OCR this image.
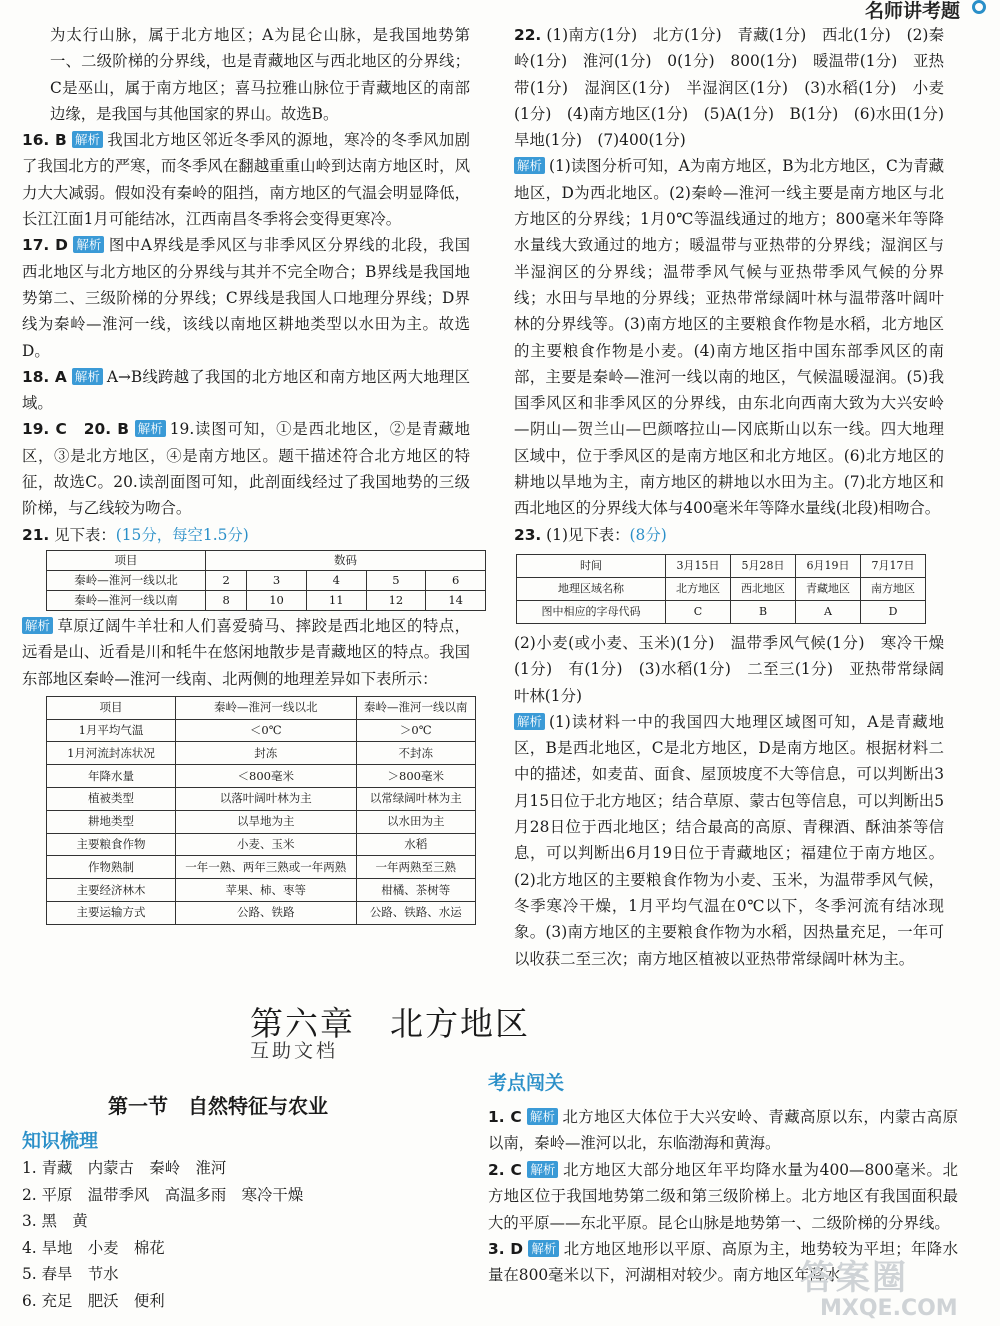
名师讲考题

为太行山脉，属于北方地区；A为昆仑山脉，是我国地势第一、二级阶梯的分界线，也是青藏地区与西北地区的分界线；C是巫山，属于南方地区；喜马拉雅山脉位于青藏地区的南部边缘，是我国与其他国家的界山。故选B。

16. B 解析 我国北方地区邻近冬季风的源地，寒冷的冬季风加剧了我国北方的严寒，而冬季风在翻越重重山岭到达南方地区时，风力大大减弱。假如没有秦岭的阻挡，南方地区的气温会明显降低，长江江面1月可能结冰，江西南昌冬季将会变得更寒冷。

17. D 解析 图中A界线是季风区与非季风区分界线的北段，我国西北地区与北方地区的分界线与其并不完全吻合；B界线是我国地势第二、三级阶梯的分界线；C界线是我国人口地理分界线；D界线为秦岭—淮河一线，该线以南地区耕地类型以水田为主。故选D。

18. A 解析 A→B线跨越了我国的北方地区和南方地区两大地理区域。

19. C　20. B 解析 19.读图可知，①是西北地区，②是青藏地区，③是北方地区，④是南方地区。题干描述符合北方地区的特征，故选C。20.读剖面图可知，此剖面线经过了我国地势的三级阶梯，与乙线较为吻合。

21. 见下表：(15分，每空1.5分)

项目	数码				
秦岭—淮河一线以北	2	3	4	5	6
秦岭—淮河一线以南	8	10	11	12	14

解析 草原辽阔牛羊壮和人们喜爱骑马、摔跤是西北地区的特点，远看是山、近看是川和牦牛在悠闲地散步是青藏地区的特点。我国东部地区秦岭—淮河一线南、北两侧的地理差异如下表所示：

项目	秦岭—淮河一线以北	秦岭—淮河一线以南
1月平均气温	＜0℃	＞0℃
1月河流封冻状况	封冻	不封冻
年降水量	＜800毫米	＞800毫米
植被类型	以落叶阔叶林为主	以常绿阔叶林为主
耕地类型	以旱地为主	以水田为主
主要粮食作物	小麦、玉米	水稻
作物熟制	一年一熟、两年三熟或一年两熟	一年两熟至三熟
主要经济林木	苹果、柿、枣等	柑橘、茶树等
主要运输方式	公路、铁路	公路、铁路、水运

22. (1)南方(1分)　北方(1分)　青藏(1分)　西北(1分)　(2)秦岭(1分)　淮河(1分)　0(1分)　800(1分)　暖温带(1分)　亚热带(1分)　湿润区(1分)　半湿润区(1分)　(3)水稻(1分)　小麦(1分)　(4)南方地区(1分)　(5)A(1分)　B(1分)　(6)水田(1分)　旱地(1分)　(7)400(1分)

解析 (1)读图分析可知，A为南方地区，B为北方地区，C为青藏地区，D为西北地区。(2)秦岭—淮河一线主要是南方地区与北方地区的分界线；1月0℃等温线通过的地方；800毫米年等降水量线大致通过的地方；暖温带与亚热带的分界线；湿润区与半湿润区的分界线；温带季风气候与亚热带季风气候的分界线；水田与旱地的分界线；亚热带常绿阔叶林与温带落叶阔叶林的分界线等。(3)南方地区的主要粮食作物是水稻，北方地区的主要粮食作物是小麦。(4)南方地区指中国东部季风区的南部，主要是秦岭—淮河一线以南的地区，气候温暖湿润。(5)我国季风区和非季风区的分界线，由东北向西南大致为大兴安岭—阴山—贺兰山—巴颜喀拉山—冈底斯山以东一线。四大地理区域中，位于季风区的是南方地区和北方地区。(6)北方地区的耕地以旱地为主，南方地区的耕地以水田为主。(7)北方地区和西北地区的分界线大体与400毫米年等降水量线(北段)相吻合。

23. (1)见下表：(8分)

时间	3月15日	5月28日	6月19日	7月17日
地理区域名称	北方地区	西北地区	青藏地区	南方地区
图中相应的字母代码	C	B	A	D

(2)小麦(或小麦、玉米)(1分)　温带季风气候(1分)　寒冷干燥(1分)　有(1分)　(3)水稻(1分)　二至三(1分)　亚热带常绿阔叶林(1分)

解析 (1)读材料一中的我国四大地理区域图可知，A是青藏地区，B是西北地区，C是北方地区，D是南方地区。根据材料二中的描述，如麦苗、面食、屋顶坡度不大等信息，可以判断出3月15日位于北方地区；结合草原、蒙古包等信息，可以判断出5月28日位于西北地区；结合最高的高原、青稞酒、酥油茶等信息，可以判断出6月19日位于青藏地区；福建位于南方地区。(2)北方地区的主要粮食作物为小麦、玉米，为温带季风气候，冬季寒冷干燥，1月平均气温在0℃以下，冬季河流有结冰现象。(3)南方地区的主要粮食作物为水稻，因热量充足，一年可以收获二至三次；南方地区植被以亚热带常绿阔叶林为主。

第六章　北方地区
互助文档
第一节　自然特征与农业
知识梳理
1. 青藏　内蒙古　秦岭　淮河
2. 平原　温带季风　高温多雨　寒冷干燥
3. 黑　黄
4. 旱地　小麦　棉花
5. 春旱　节水
6. 充足　肥沃　便利
考点闯关

1. C 解析 北方地区大体位于大兴安岭、青藏高原以东，内蒙古高原以南，秦岭—淮河以北，东临渤海和黄海。

2. C 解析 北方地区大部分地区年平均降水量为400—800毫米。北方地区位于我国地势第二级和第三级阶梯上。北方地区有我国面积最大的平原——东北平原。昆仑山脉是地势第一、二级阶梯的分界线。

3. D 解析 北方地区地形以平原、高原为主，地势较为平坦；年降水量在800毫米以下，河湖相对较少。南方地区年降水

答案圈
MXQE.COM
